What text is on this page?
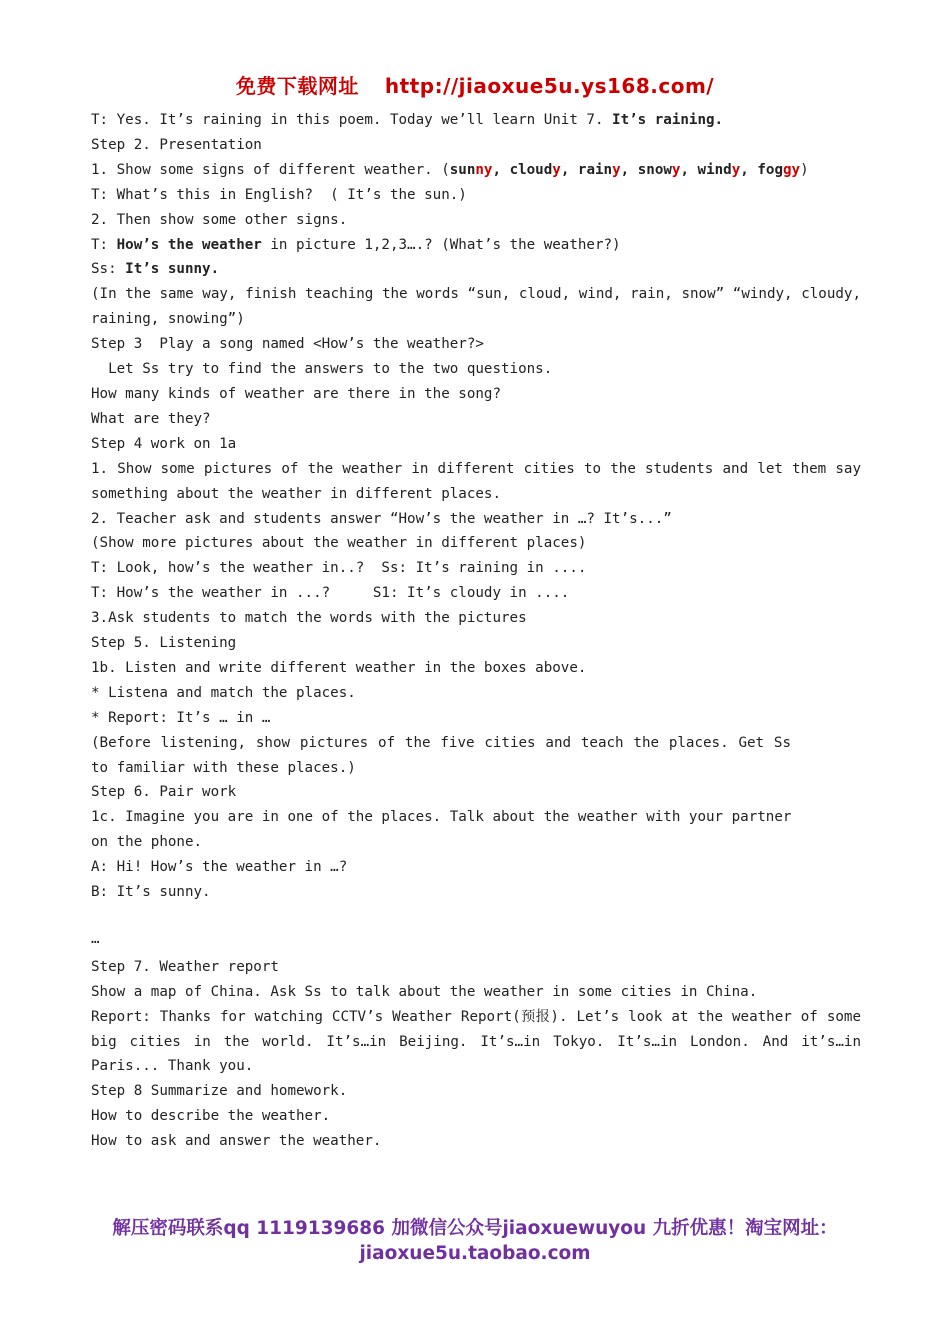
免费下载网址 http://jiaoxue5u.ys168.com/
T: Yes. It’s raining in this poem. Today we’ll learn Unit 7. It’s raining.
Step 2. Presentation
1. Show some signs of different weather. (sunny, cloudy, rainy, snowy, windy, foggy)
T: What’s this in English?  ( It’s the sun.)
2. Then show some other signs.
T: How’s the weather in picture 1,2,3….? (What’s the weather?)
Ss: It’s sunny.
(In the same way, finish teaching the words “sun, cloud, wind, rain, snow” “windy, cloudy, raining, snowing”)
Step 3  Play a song named <How’s the weather?>
Let Ss try to find the answers to the two questions.
How many kinds of weather are there in the song?
What are they?
Step 4 work on 1a
1. Show some pictures of the weather in different cities to the students and let them say something about the weather in different places.
2. Teacher ask and students answer “How’s the weather in …? It’s...”
(Show more pictures about the weather in different places)
T: Look, how’s the weather in..?  Ss: It’s raining in ....
T: How’s the weather in ...?     S1: It’s cloudy in ....
3.Ask students to match the words with the pictures
Step 5. Listening
1b. Listen and write different weather in the boxes above.
* Listena and match the places.
* Report: It’s … in …
(Before listening, show pictures of the five cities and teach the places. Get Ss to familiar with these places.)
Step 6. Pair work
1c. Imagine you are in one of the places. Talk about the weather with your partner
on the phone.
A: Hi! How’s the weather in …?
B: It’s sunny.
…
Step 7. Weather report
Show a map of China. Ask Ss to talk about the weather in some cities in China.
Report: Thanks for watching CCTV’s Weather Report(预报). Let’s look at the weather of some big cities in the world. It’s…in Beijing. It’s…in Tokyo. It’s…in London. And it’s…in Paris... Thank you.
Step 8 Summarize and homework.
How to describe the weather.
How to ask and answer the weather.
解压密码联系qq 1119139686 加微信公众号jiaoxuewuyou 九折优惠！淘宝网址：jiaoxue5u.taobao.com
